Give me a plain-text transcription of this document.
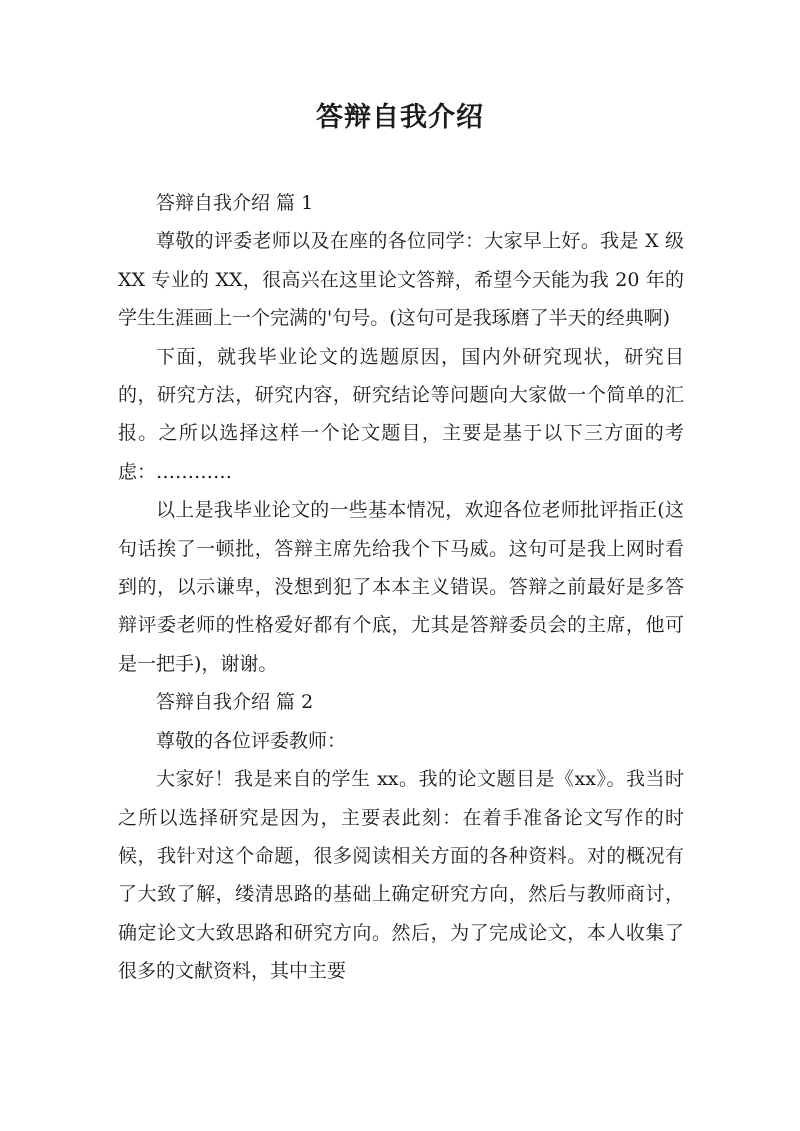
答辩自我介绍

答辩自我介绍 篇 1

尊敬的评委老师以及在座的各位同学：大家早上好。我是 X 级 XX 专业的 XX，很高兴在这里论文答辩，希望今天能为我 20 年的学生生涯画上一个完满的'句号。(这句可是我琢磨了半天的经典啊)

下面，就我毕业论文的选题原因，国内外研究现状，研究目的，研究方法，研究内容，研究结论等问题向大家做一个简单的汇报。之所以选择这样一个论文题目，主要是基于以下三方面的考虑：…………

以上是我毕业论文的一些基本情况，欢迎各位老师批评指正(这句话挨了一顿批，答辩主席先给我个下马威。这句可是我上网时看到的，以示谦卑，没想到犯了本本主义错误。答辩之前最好是多答辩评委老师的性格爱好都有个底，尤其是答辩委员会的主席，他可是一把手)，谢谢。

答辩自我介绍 篇 2

尊敬的各位评委教师：

大家好！我是来自的学生 xx。我的论文题目是《xx》。我当时之所以选择研究是因为，主要表此刻：在着手准备论文写作的时候，我针对这个命题，很多阅读相关方面的各种资料。对的概况有了大致了解，缕清思路的基础上确定研究方向，然后与教师商讨，确定论文大致思路和研究方向。然后，为了完成论文，本人收集了很多的文献资料，其中主要
